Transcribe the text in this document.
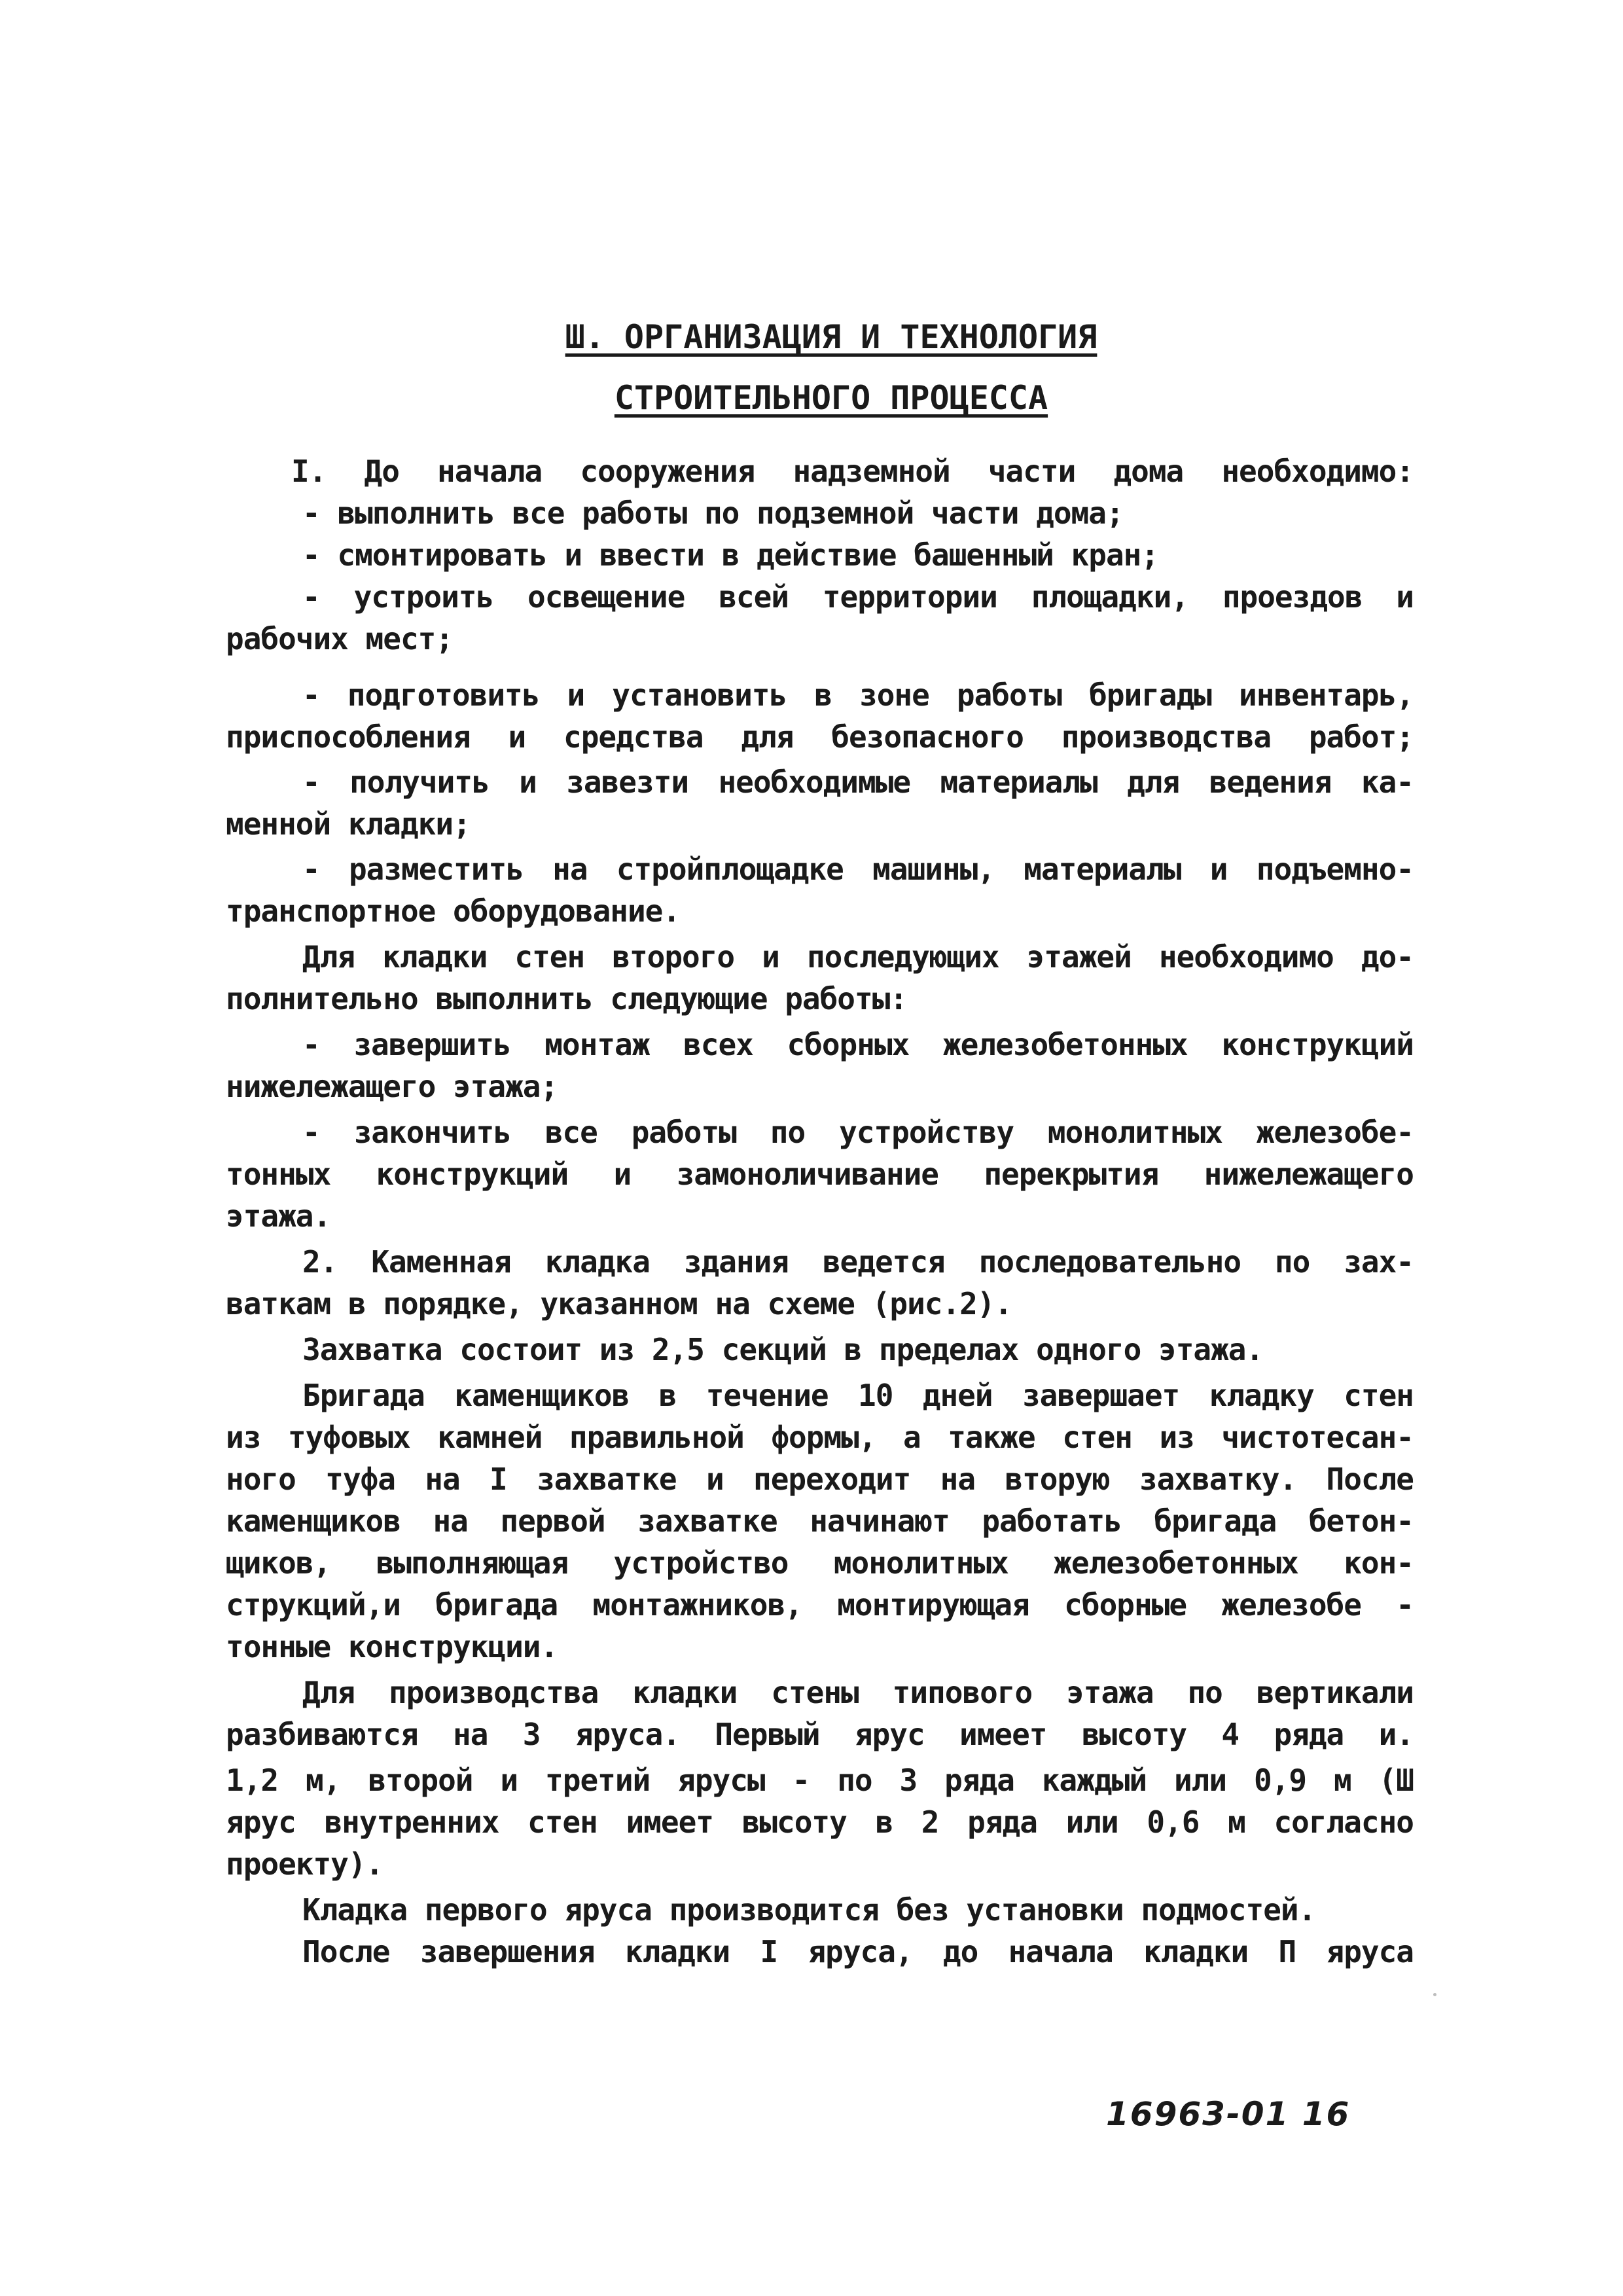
Ш. ОРГАНИЗАЦИЯ И ТЕХНОЛОГИЯ
СТРОИТЕЛЬНОГО ПРОЦЕССА
I. До начала сооружения надземной части дома необходимо:
- выполнить все работы по подземной части дома;
- смонтировать и ввести в действие башенный кран;
- устроить освещение всей территории площадки, проездов и
рабочих мест;
- подготовить и установить в зоне работы бригады инвентарь,
приспособления и средства для безопасного производства работ;
- получить и завезти необходимые материалы для ведения ка-
менной кладки;
- разместить на стройплощадке машины, материалы и подъемно-
транспортное оборудование.
Для кладки стен второго и последующих этажей необходимо до-
полнительно выполнить следующие работы:
- завершить монтаж всех сборных железобетонных конструкций
нижележащего этажа;
- закончить все работы по устройству монолитных железобе-
тонных конструкций и замоноличивание перекрытия нижележащего
этажа.
2. Каменная кладка здания ведется последовательно по зах-
ваткам в порядке, указанном на схеме (рис.2).
Захватка состоит из 2,5 секций в пределах одного этажа.
Бригада каменщиков в течение 10 дней завершает кладку стен
из туфовых камней правильной формы, а также стен из чистотесан-
ного туфа на I захватке и переходит на вторую захватку. После
каменщиков на первой захватке начинают работать бригада бетон-
щиков, выполняющая устройство монолитных железобетонных кон-
струкций,и бригада монтажников, монтирующая сборные железобе -
тонные конструкции.
Для производства кладки стены типового этажа по вертикали
разбиваются на 3 яруса. Первый ярус имеет высоту 4 ряда и.
1,2 м, второй и третий ярусы - по 3 ряда каждый или 0,9 м (Ш
ярус внутренних стен имеет высоту в 2 ряда или 0,6 м согласно
проекту).
Кладка первого яруса производится без установки подмостей.
После завершения кладки I яруса, до начала кладки П яруса
16963-01 16
